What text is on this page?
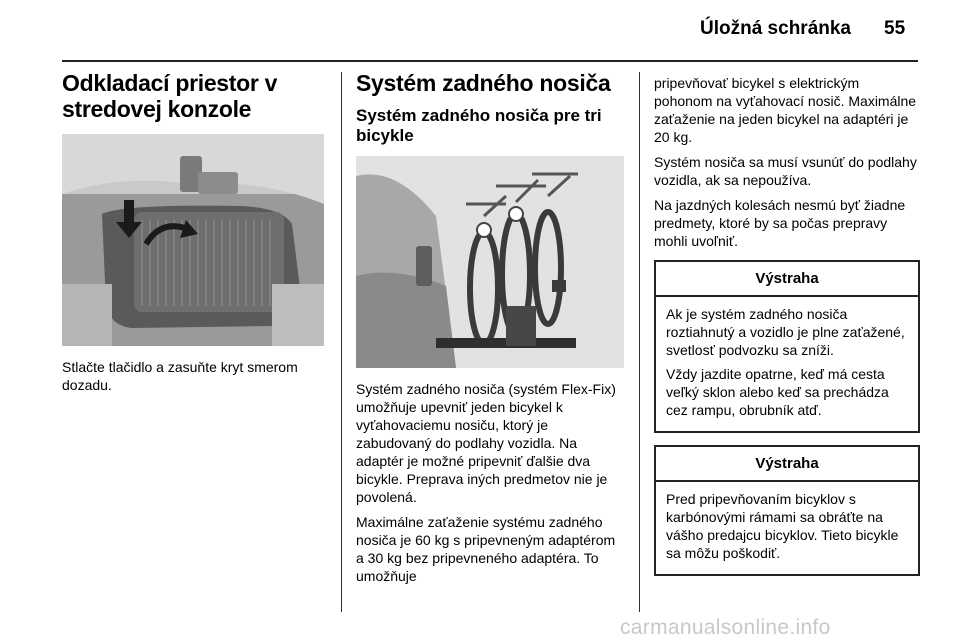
Úložná schránka 55
Odkladací priestor v
stredovej konzole

Stlačte tlačidlo a zasuňte kryt smerom dozadu.

Systém zadného nosiča
Systém zadného nosiča pre tri bicykle

Systém zadného nosiča (systém Flex-Fix) umožňuje upevniť jeden bicykel k vyťahovaciemu nosiču, ktorý je zabudovaný do podlahy vozidla. Na adaptér je možné pripevniť ďalšie dva bicykle. Preprava iných predmetov nie je povolená.

Maximálne zaťaženie systému zadného nosiča je 60 kg s pripevneným adaptérom a 30 kg bez pripevneného adaptéra. To umožňuje

pripevňovať bicykel s elektrickým pohonom na vyťahovací nosič. Maximálne zaťaženie na jeden bicykel na adaptéri je 20 kg.

Systém nosiča sa musí vsunúť do podlahy vozidla, ak sa nepoužíva.

Na jazdných kolesách nesmú byť žiadne predmety, ktoré by sa počas prepravy mohli uvoľniť.

Výstraha

Ak je systém zadného nosiča roztiahnutý a vozidlo je plne zaťažené, svetlosť podvozku sa zníži.

Vždy jazdite opatrne, keď má cesta veľký sklon alebo keď sa prechádza cez rampu, obrubník atď.

Výstraha

Pred pripevňovaním bicyklov s karbónovými rámami sa obráťte na vášho predajcu bicyklov. Tieto bicykle sa môžu poškodiť.

carmanualsonline.info
